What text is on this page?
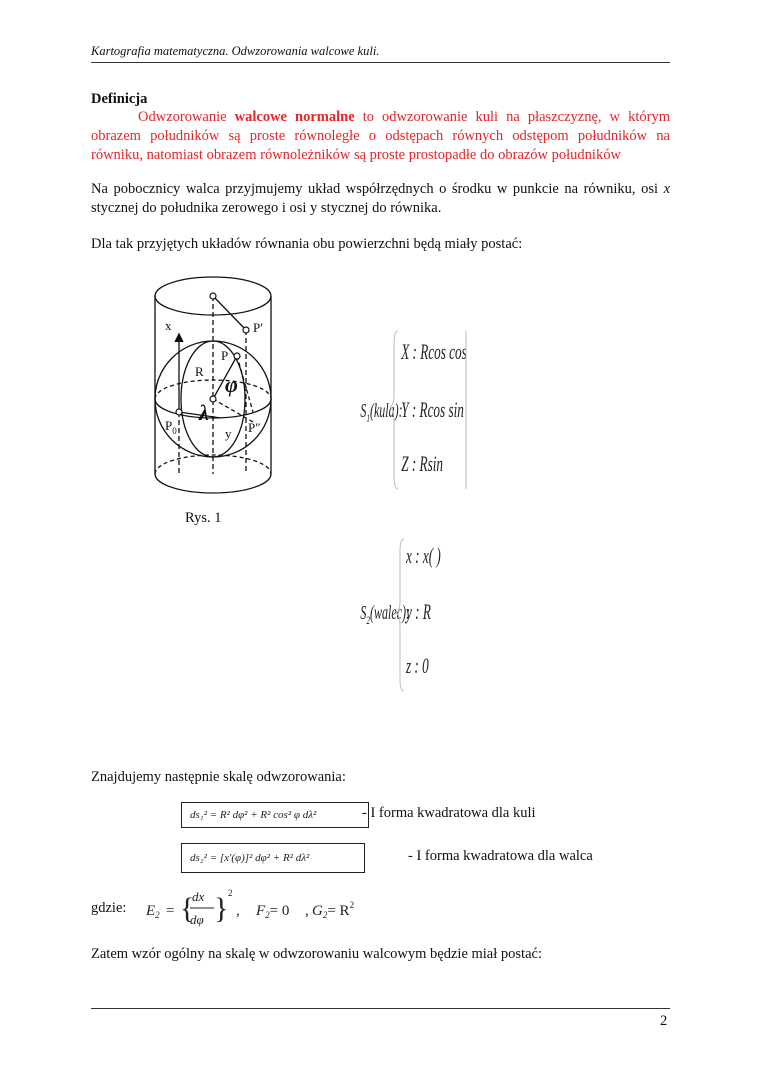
Kartografia matematyczna. Odwzorowania walcowe kuli.
Definicja
Odwzorowanie walcowe normalne to odwzorowanie kuli na płaszczyznę, w którym obrazem południków są proste równoległe o odstępach równych odstępom południków na równiku, natomiast obrazem równoleżników są proste prostopadłe do obrazów południków
Na pobocznicy walca przyjmujemy układ współrzędnych o środku w punkcie na równiku, osi x stycznej do południka zerowego i osi y stycznej do równika.
Dla tak przyjętych układów równania obu powierzchni będą miały postać:
x	P′
P
R
φ
λ
$P_0$	y P″
Rys. 1
$S_1(kula)$:
X : Rcos cos
Y : Rcos sin
Z : Rsin
$S_2(walec)$:
x : x( )
y : R
z : 0
Znajdujemy następnie skalę odwzorowania:
ds₁² = R² dφ² + R² cos² φ dλ²	- I forma kwadratowa dla kuli
ds₂² = [x′(φ)]² dφ² + R² dλ²	- I forma kwadratowa dla walca
gdzie: $E_2$ = {
dx
dφ } 2
, $F_2= 0$ , $G_2= R^2$
Zatem wzór ogólny na skalę w odwzorowaniu walcowym będzie miał postać:
2
